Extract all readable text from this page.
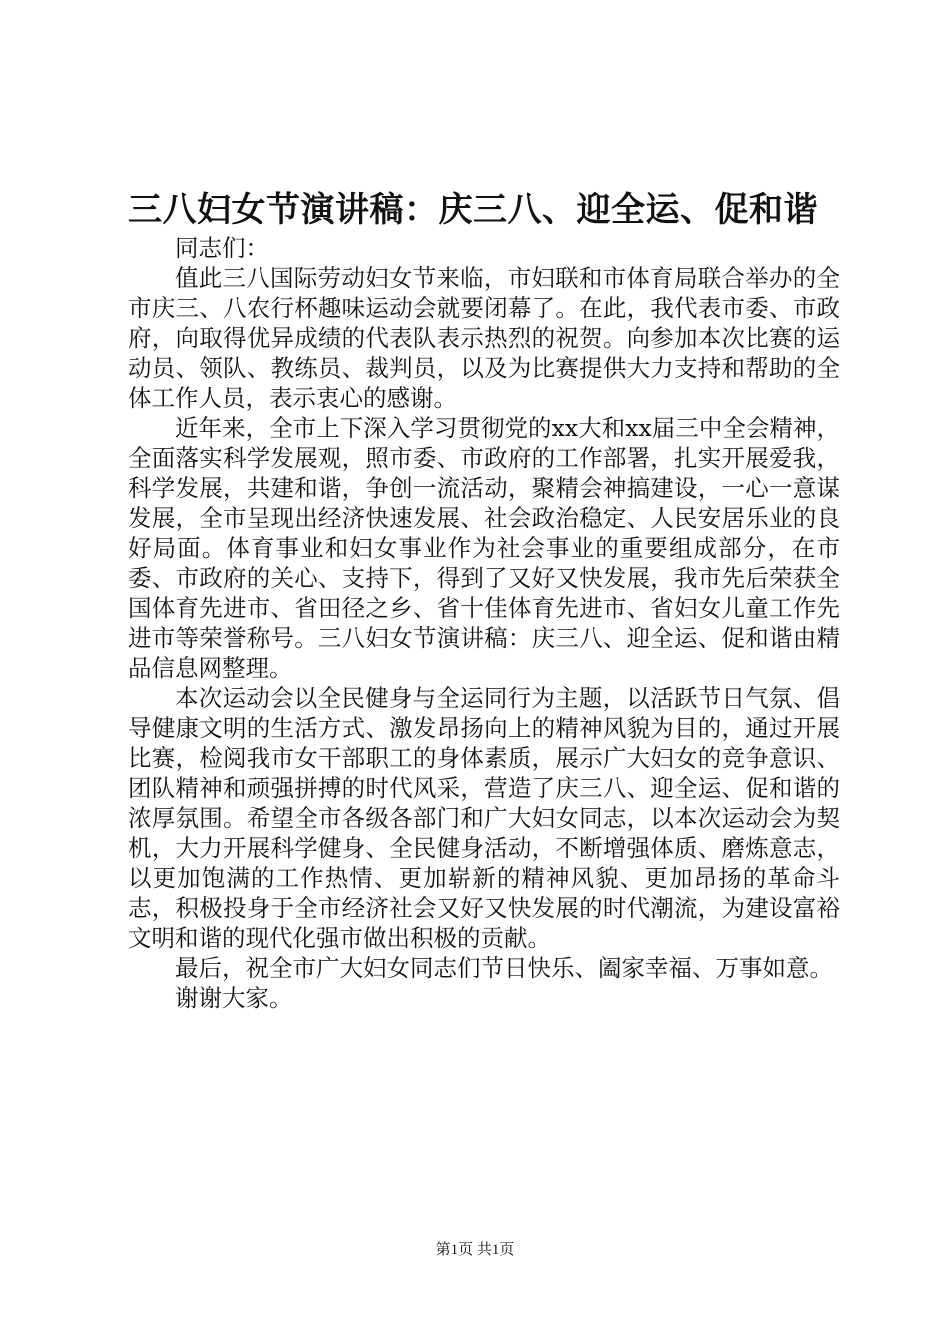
三八妇女节演讲稿：庆三八、迎全运、促和谐

同志们：

值此三八国际劳动妇女节来临，市妇联和市体育局联合举办的全市庆三、八农行杯趣味运动会就要闭幕了。在此，我代表市委、市政府，向取得优异成绩的代表队表示热烈的祝贺。向参加本次比赛的运动员、领队、教练员、裁判员，以及为比赛提供大力支持和帮助的全体工作人员，表示衷心的感谢。

近年来，全市上下深入学习贯彻党的xx大和xx届三中全会精神，全面落实科学发展观，照市委、市政府的工作部署，扎实开展爱我，科学发展，共建和谐，争创一流活动，聚精会神搞建设，一心一意谋发展，全市呈现出经济快速发展、社会政治稳定、人民安居乐业的良好局面。体育事业和妇女事业作为社会事业的重要组成部分，在市委、市政府的关心、支持下，得到了又好又快发展，我市先后荣获全国体育先进市、省田径之乡、省十佳体育先进市、省妇女儿童工作先进市等荣誉称号。三八妇女节演讲稿：庆三八、迎全运、促和谐由精品信息网整理。

本次运动会以全民健身与全运同行为主题，以活跃节日气氛、倡导健康文明的生活方式、激发昂扬向上的精神风貌为目的，通过开展比赛，检阅我市女干部职工的身体素质，展示广大妇女的竞争意识、团队精神和顽强拼搏的时代风采，营造了庆三八、迎全运、促和谐的浓厚氛围。希望全市各级各部门和广大妇女同志，以本次运动会为契机，大力开展科学健身、全民健身活动，不断增强体质、磨炼意志，以更加饱满的工作热情、更加崭新的精神风貌、更加昂扬的革命斗志，积极投身于全市经济社会又好又快发展的时代潮流，为建设富裕文明和谐的现代化强市做出积极的贡献。

最后，祝全市广大妇女同志们节日快乐、阖家幸福、万事如意。

谢谢大家。

第1页 共1页
